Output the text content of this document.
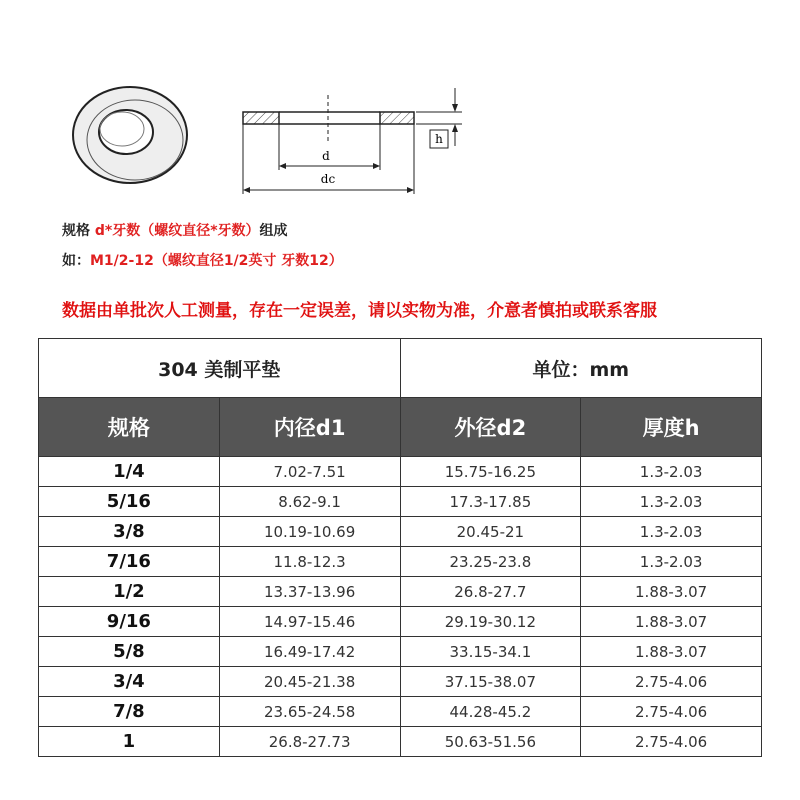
d
dc
h
规格 d*牙数（螺纹直径*牙数）组成
如：M1/2-12（螺纹直径1/2英寸 牙数12）
数据由单批次人工测量，存在一定误差，请以实物为准，介意者慎拍或联系客服
304 美制平垫		单位：mm	
规格	内径d1	外径d2	厚度h
1/4	7.02-7.51	15.75-16.25	1.3-2.03
5/16	8.62-9.1	17.3-17.85	1.3-2.03
3/8	10.19-10.69	20.45-21	1.3-2.03
7/16	11.8-12.3	23.25-23.8	1.3-2.03
1/2	13.37-13.96	26.8-27.7	1.88-3.07
9/16	14.97-15.46	29.19-30.12	1.88-3.07
5/8	16.49-17.42	33.15-34.1	1.88-3.07
3/4	20.45-21.38	37.15-38.07	2.75-4.06
7/8	23.65-24.58	44.28-45.2	2.75-4.06
1	26.8-27.73	50.63-51.56	2.75-4.06
